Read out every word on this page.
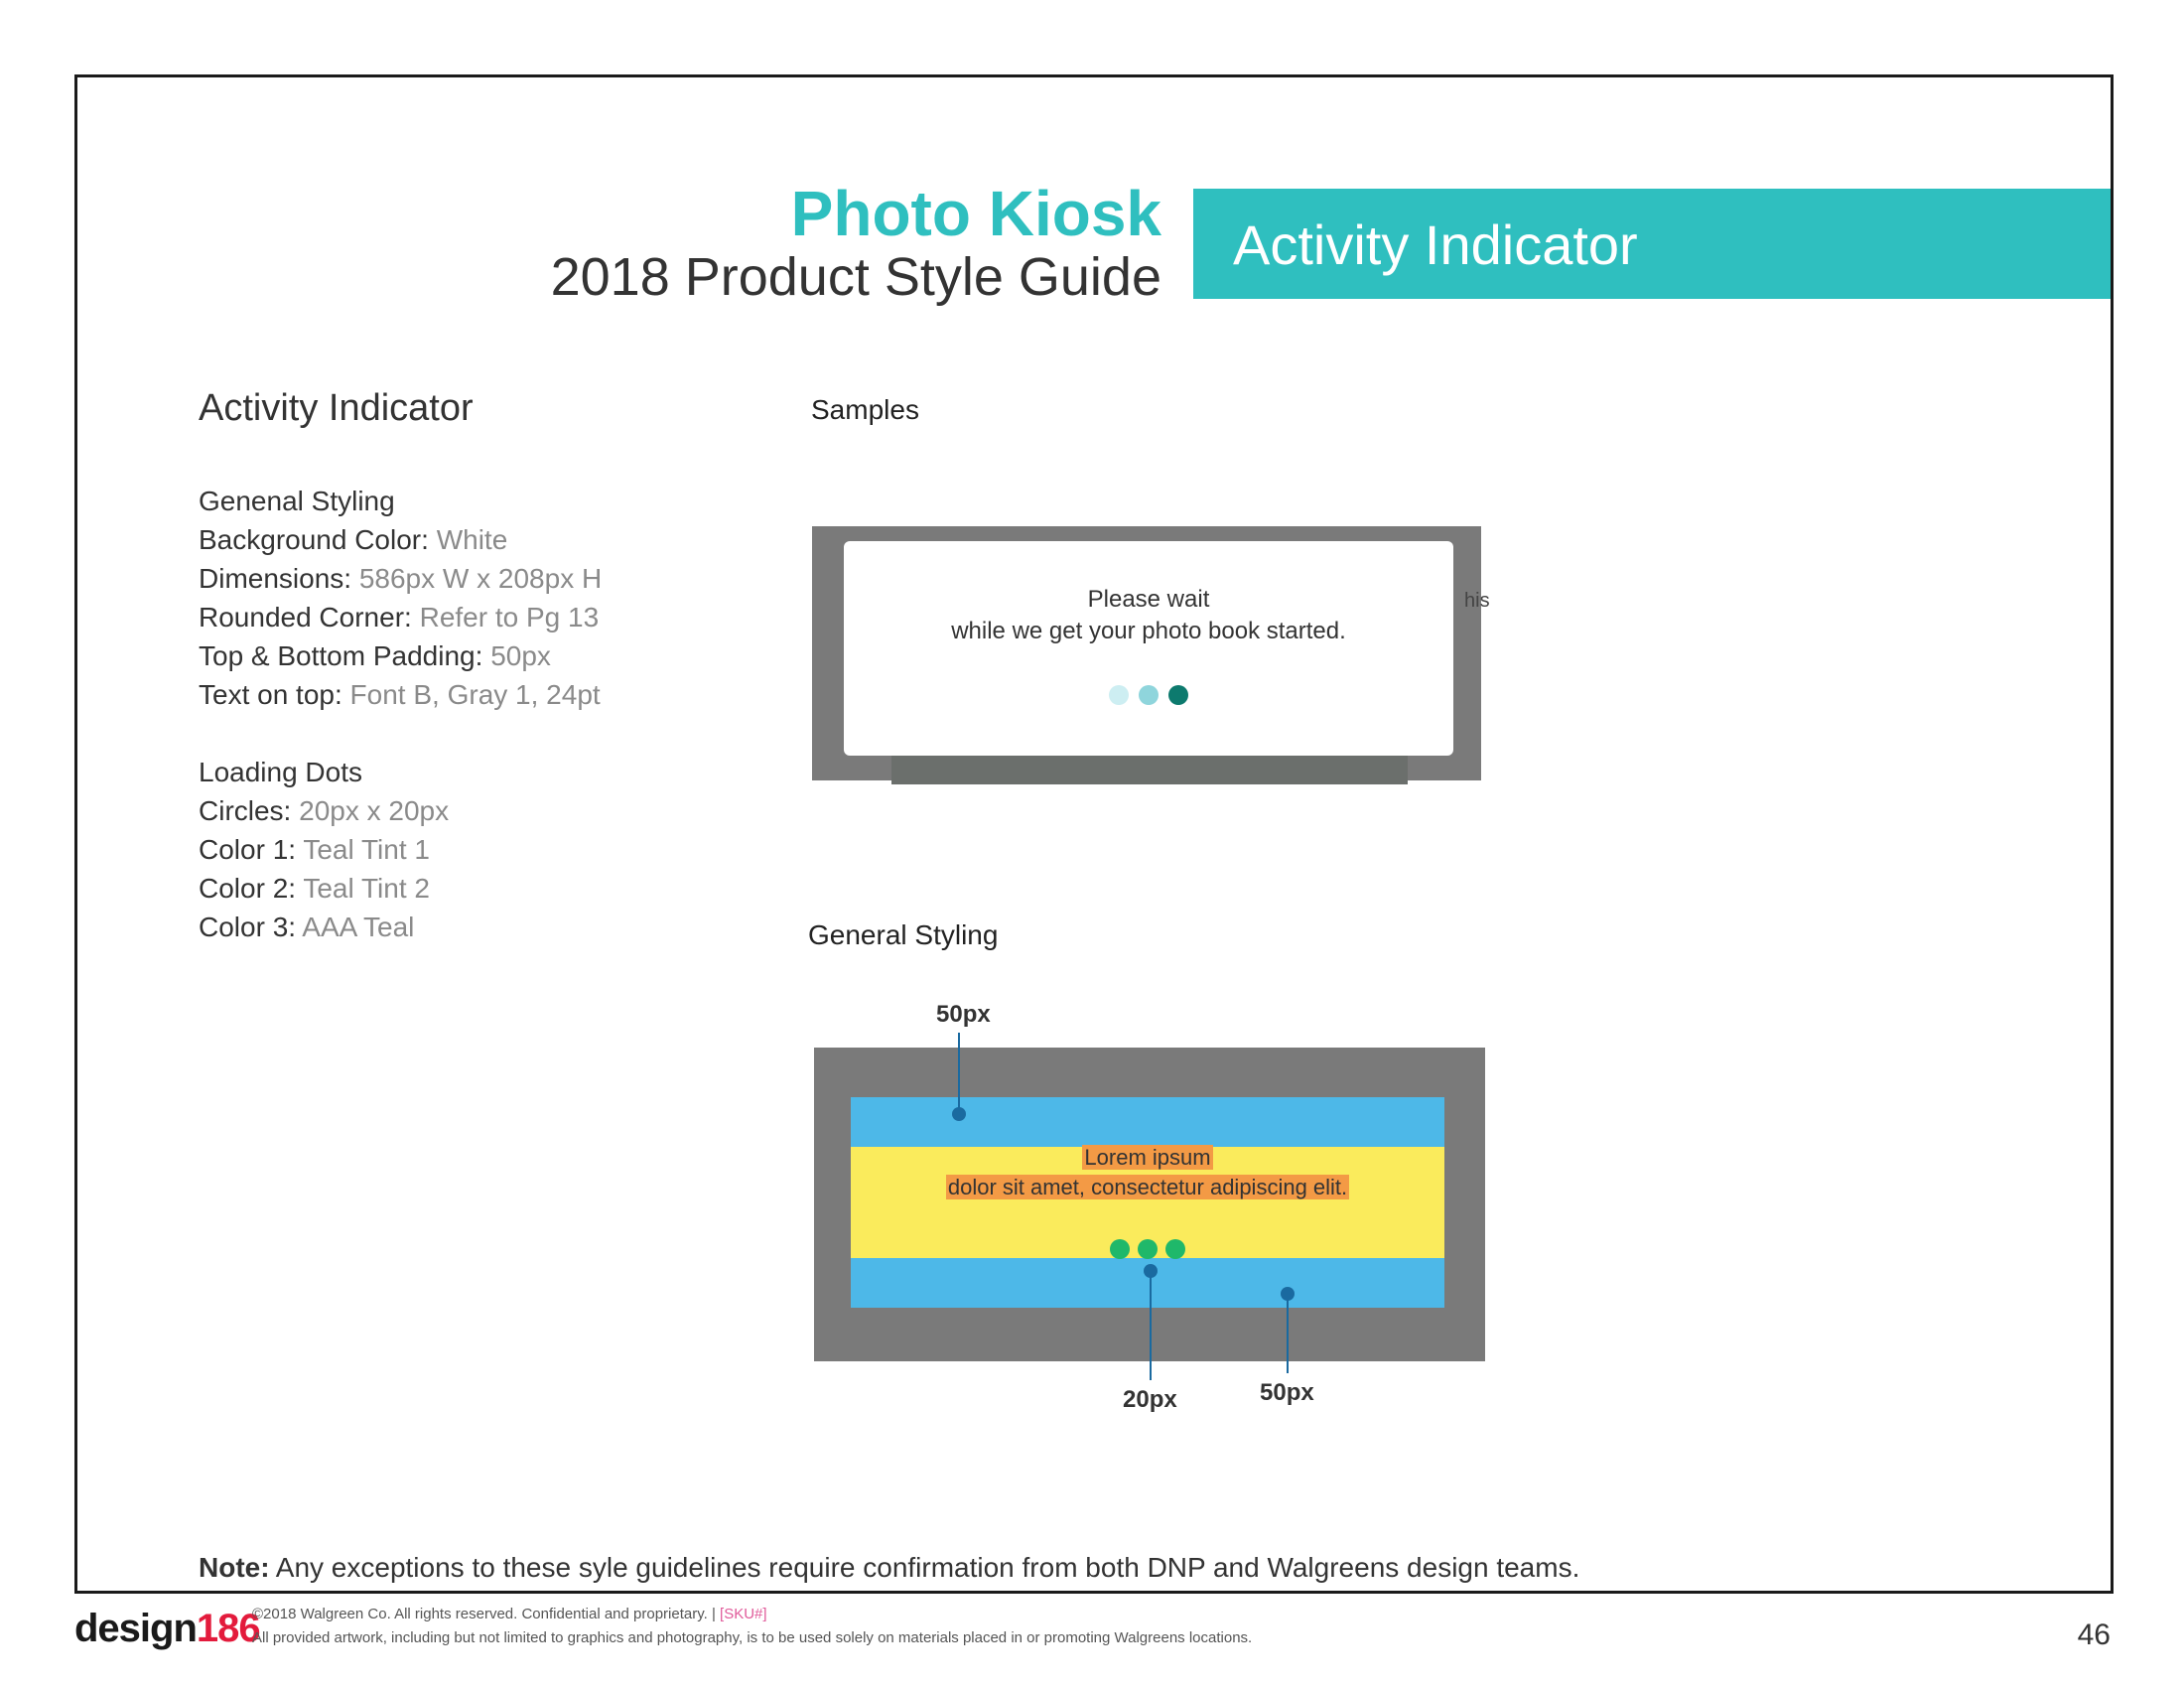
Photo Kiosk
2018 Product Style Guide
Activity Indicator
Activity Indicator
Genenal Styling
Background Color: White
Dimensions: 586px W x 208px H
Rounded Corner: Refer to Pg 13
Top & Bottom Padding: 50px
Text on top: Font B, Gray 1, 24pt
Loading Dots
Circles: 20px x 20px
Color 1: Teal Tint 1
Color 2: Teal Tint 2
Color 3: AAA Teal
Samples
his
Please wait
while we get your photo book started.
General Styling
Lorem ipsum
dolor sit amet, consectetur adipiscing elit.
50px
20px	50px
Note: Any exceptions to these syle guidelines require confirmation from both DNP and Walgreens design teams.
design186
©2018 Walgreen Co. All rights reserved. Confidential and proprietary. | [SKU#]
All provided artwork, including but not limited to graphics and photography, is to be used solely on materials placed in or promoting Walgreens locations.	46
